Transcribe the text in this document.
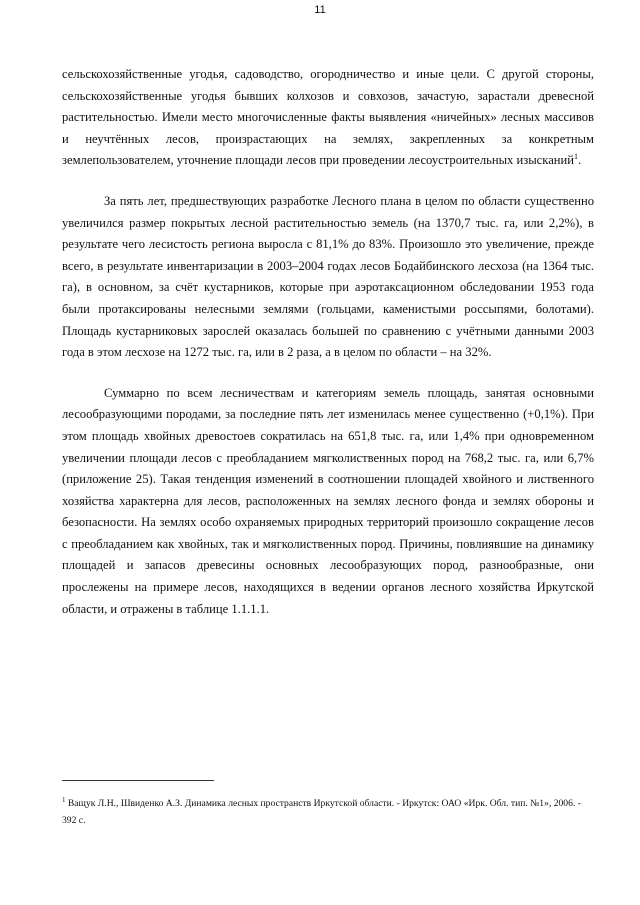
11

сельскохозяйственные угодья, садоводство, огородничество и иные цели. С другой стороны, сельскохозяйственные угодья бывших колхозов и совхозов, зачастую, зарастали древесной растительностью. Имели место многочисленные факты выявления «ничейных» лесных массивов и неучтённых лесов, произрастающих на землях, закрепленных за конкретным землепользователем, уточнение площади лесов при проведении лесоустроительных изысканий$^1$.

За пять лет, предшествующих разработке Лесного плана в целом по области существенно увеличился размер покрытых лесной растительностью земель (на 1370,7 тыс. га, или 2,2%), в результате чего лесистость региона выросла с 81,1% до 83%. Произошло это увеличение, прежде всего, в результате инвентаризации в 2003–2004 годах лесов Бодайбинского лесхоза (на 1364 тыс. га), в основном, за счёт кустарников, которые при аэротаксационном обследовании 1953 года были протаксированы нелесными землями (гольцами, каменистыми россыпями, болотами). Площадь кустарниковых зарослей оказалась большей по сравнению с учётными данными 2003 года в этом лесхозе на 1272 тыс. га, или в 2 раза, а в целом по области – на 32%.

Суммарно по всем лесничествам и категориям земель площадь, занятая основными лесообразующими породами, за последние пять лет изменилась менее существенно (+0,1%). При этом площадь хвойных древостоев сократилась на 651,8 тыс. га, или 1,4% при одновременном увеличении площади лесов с преобладанием мягколиственных пород на 768,2 тыс. га, или 6,7% (приложение 25). Такая тенденция изменений в соотношении площадей хвойного и лиственного хозяйства характерна для лесов, расположенных на землях лесного фонда и землях обороны и безопасности. На землях особо охраняемых природных территорий произошло сокращение лесов с преобладанием как хвойных, так и мягколиственных пород. Причины, повлиявшие на динамику площадей и запасов древесины основных лесообразующих пород, разнообразные, они прослежены на примере лесов, находящихся в ведении органов лесного хозяйства Иркутской области, и отражены в таблице 1.1.1.1.

$^1$ Ващук Л.Н., Швиденко А.З. Динамика лесных пространств Иркутской области. - Иркутск: ОАО «Ирк. Обл. тип. №1», 2006. - 392 с.
